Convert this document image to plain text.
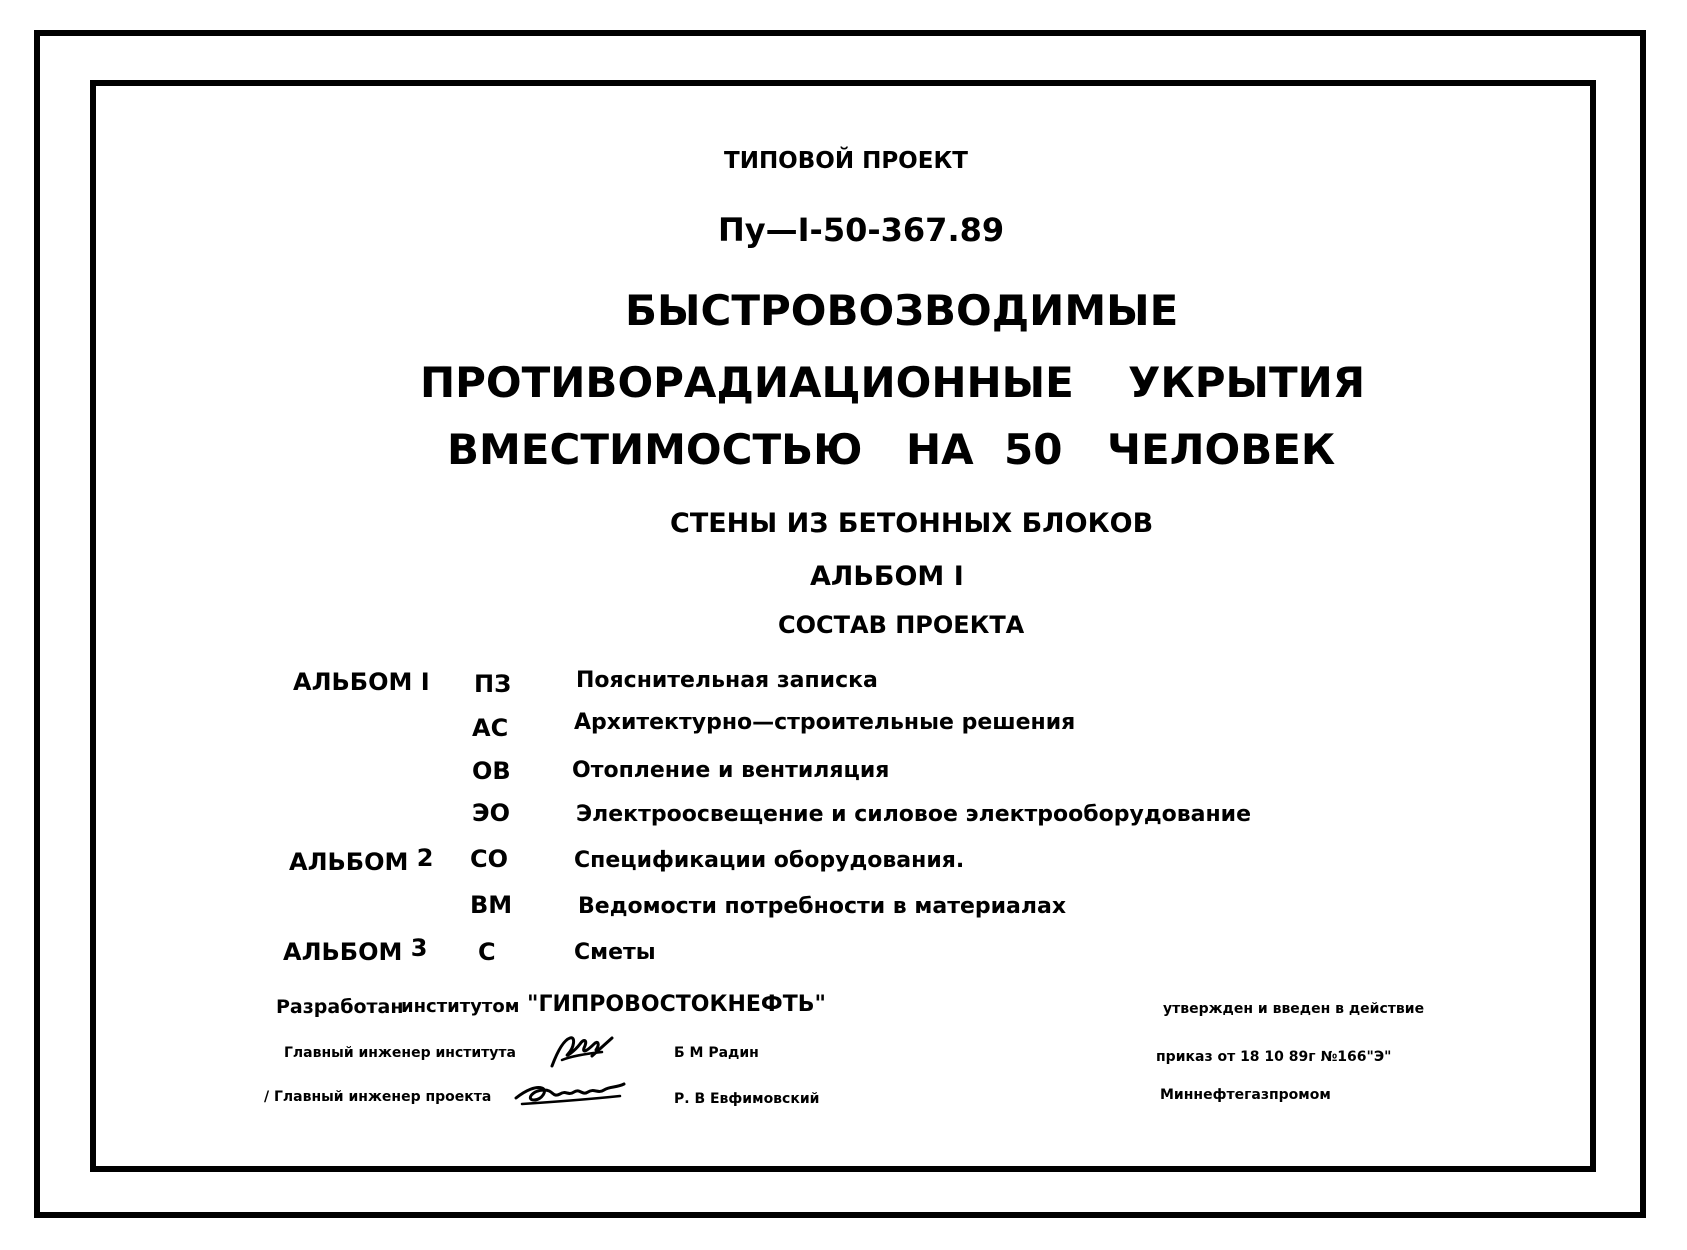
ТИПОВОЙ ПРОЕКТ
Пу—I-50-367.89
БЫСТРОВОЗВОДИМЫЕ
ПРОТИВОРАДИАЦИОННЫЕ УКРЫТИЯ
ВМЕСТИМОСТЬЮ НА 50 ЧЕЛОВЕК
СТЕНЫ ИЗ БЕТОННЫХ БЛОКОВ
АЛЬБОМ I
СОСТАВ ПРОЕКТА
АЛЬБОМ I
АЛЬБОМ 2
АЛЬБОМ 3
ПЗ
АС
ОВ
ЭО
СО
ВМ
С
Пояснительная записка
Архитектурно—строительные решения
Отопление и вентиляция
Электроосвещение и силовое электрооборудование
Спецификации оборудования.
Ведомости потребности в материалах
Сметы
Разработан
институтом "ГИПРОВОСТОКНЕФТЬ"
Главный инженер института	Б М Радин
/ Главный инженер проекта	Р. В Евфимовский
утвержден и введен в действие
приказ от 18 10 89г №166"Э"
Миннефтегазпромом
